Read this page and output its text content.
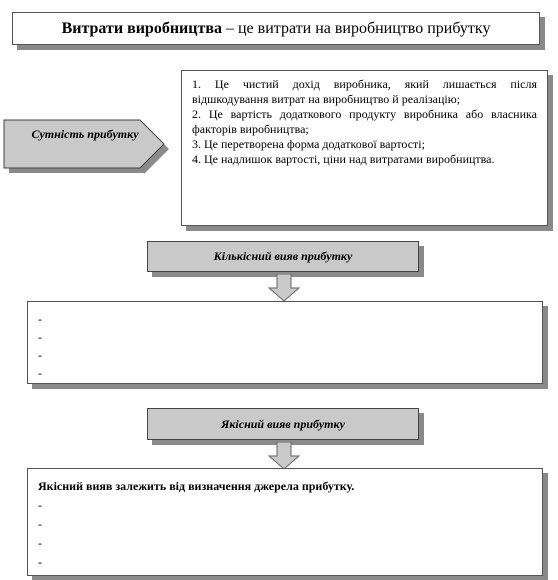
Витрати виробництва – це витрати на виробництво прибутку
Сутність прибутку

1. Це чистий дохід виробника, який лишається після відшкодування витрат на виробництво й реалізацію;

2. Це вартість додаткового продукту виробника або власника факторів виробництва;

3. Це перетворена форма додаткової вартості;

4. Це надлишок вартості, ціни над витратами виробництва.

Кількісний вияв прибутку
-
-
-
-
Якісний вияв прибутку
Якісний вияв залежить від визначення джерела прибутку.
-
-
-
-
